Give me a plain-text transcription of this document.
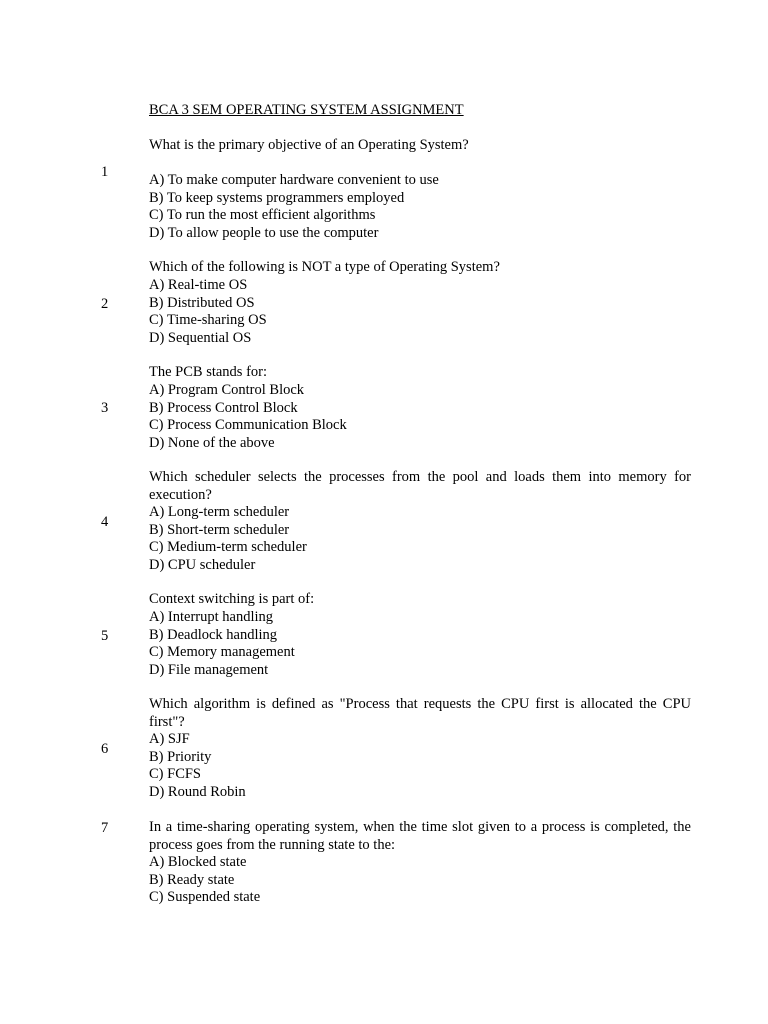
BCA 3 SEM OPERATING SYSTEM ASSIGNMENT
1

What is the primary objective of an Operating System?

A) To make computer hardware convenient to use
B) To keep systems programmers employed
C) To run the most efficient algorithms
D) To allow people to use the computer
2

Which of the following is NOT a type of Operating System?

A) Real-time OS
B) Distributed OS
C) Time-sharing OS
D) Sequential OS
3

The PCB stands for:

A) Program Control Block
B) Process Control Block
C) Process Communication Block
D) None of the above
4

Which scheduler selects the processes from the pool and loads them into memory for execution?

A) Long-term scheduler
B) Short-term scheduler
C) Medium-term scheduler
D) CPU scheduler
5

Context switching is part of:

A) Interrupt handling
B) Deadlock handling
C) Memory management
D) File management
6

Which algorithm is defined as "Process that requests the CPU first is allocated the CPU first"?

A) SJF
B) Priority
C) FCFS
D) Round Robin
7	In a time-sharing operating system, when the time slot given to a process is completed, the process goes from the running state to the:

A) Blocked state
B) Ready state
C) Suspended state
